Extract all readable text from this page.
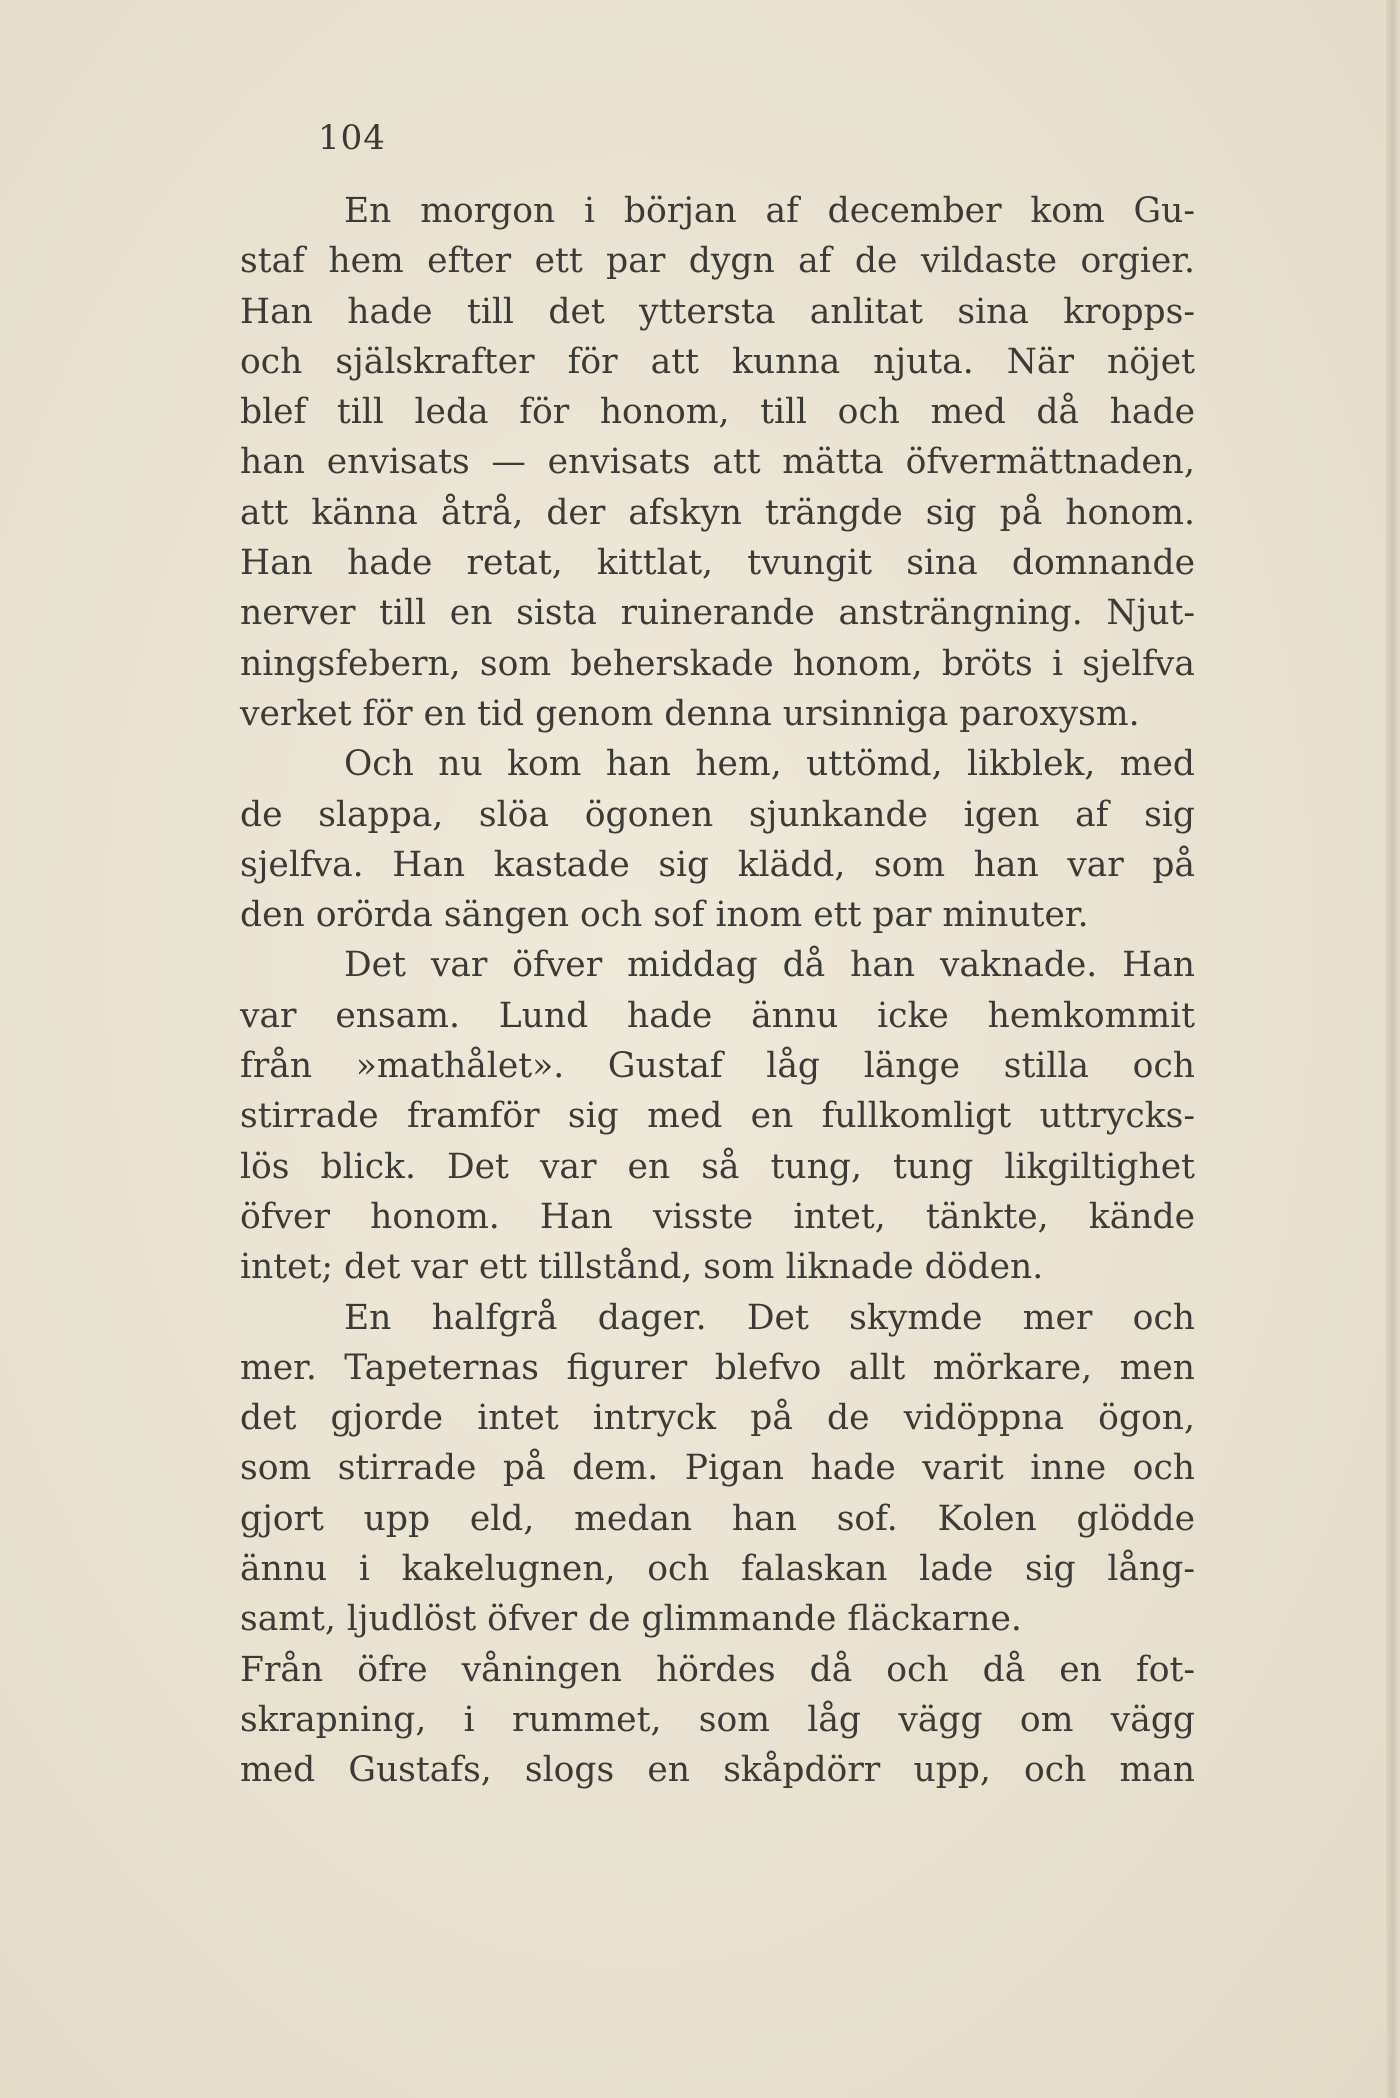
104
En morgon i början af december kom Gu-
staf hem efter ett par dygn af de vildaste orgier.
Han hade till det yttersta anlitat sina kropps-
och själskrafter för att kunna njuta. När nöjet
blef till leda för honom, till och med då hade
han envisats — envisats att mätta öfvermättnaden,
att känna åtrå, der afskyn trängde sig på honom.
Han hade retat, kittlat, tvungit sina domnande
nerver till en sista ruinerande ansträngning. Njut-
ningsfebern, som beherskade honom, bröts i sjelfva
verket för en tid genom denna ursinniga paroxysm.
Och nu kom han hem, uttömd, likblek, med
de slappa, slöa ögonen sjunkande igen af sig
sjelfva. Han kastade sig klädd, som han var på
den orörda sängen och sof inom ett par minuter.
Det var öfver middag då han vaknade. Han
var ensam. Lund hade ännu icke hemkommit
från »mathålet». Gustaf låg länge stilla och
stirrade framför sig med en fullkomligt uttrycks-
lös blick. Det var en så tung, tung likgiltighet
öfver honom. Han visste intet, tänkte, kände
intet; det var ett tillstånd, som liknade döden.
En halfgrå dager. Det skymde mer och
mer. Tapeternas figurer blefvo allt mörkare, men
det gjorde intet intryck på de vidöppna ögon,
som stirrade på dem. Pigan hade varit inne och
gjort upp eld, medan han sof. Kolen glödde
ännu i kakelugnen, och falaskan lade sig lång-
samt, ljudlöst öfver de glimmande fläckarne.
Från öfre våningen hördes då och då en fot-
skrapning, i rummet, som låg vägg om vägg
med Gustafs, slogs en skåpdörr upp, och man
